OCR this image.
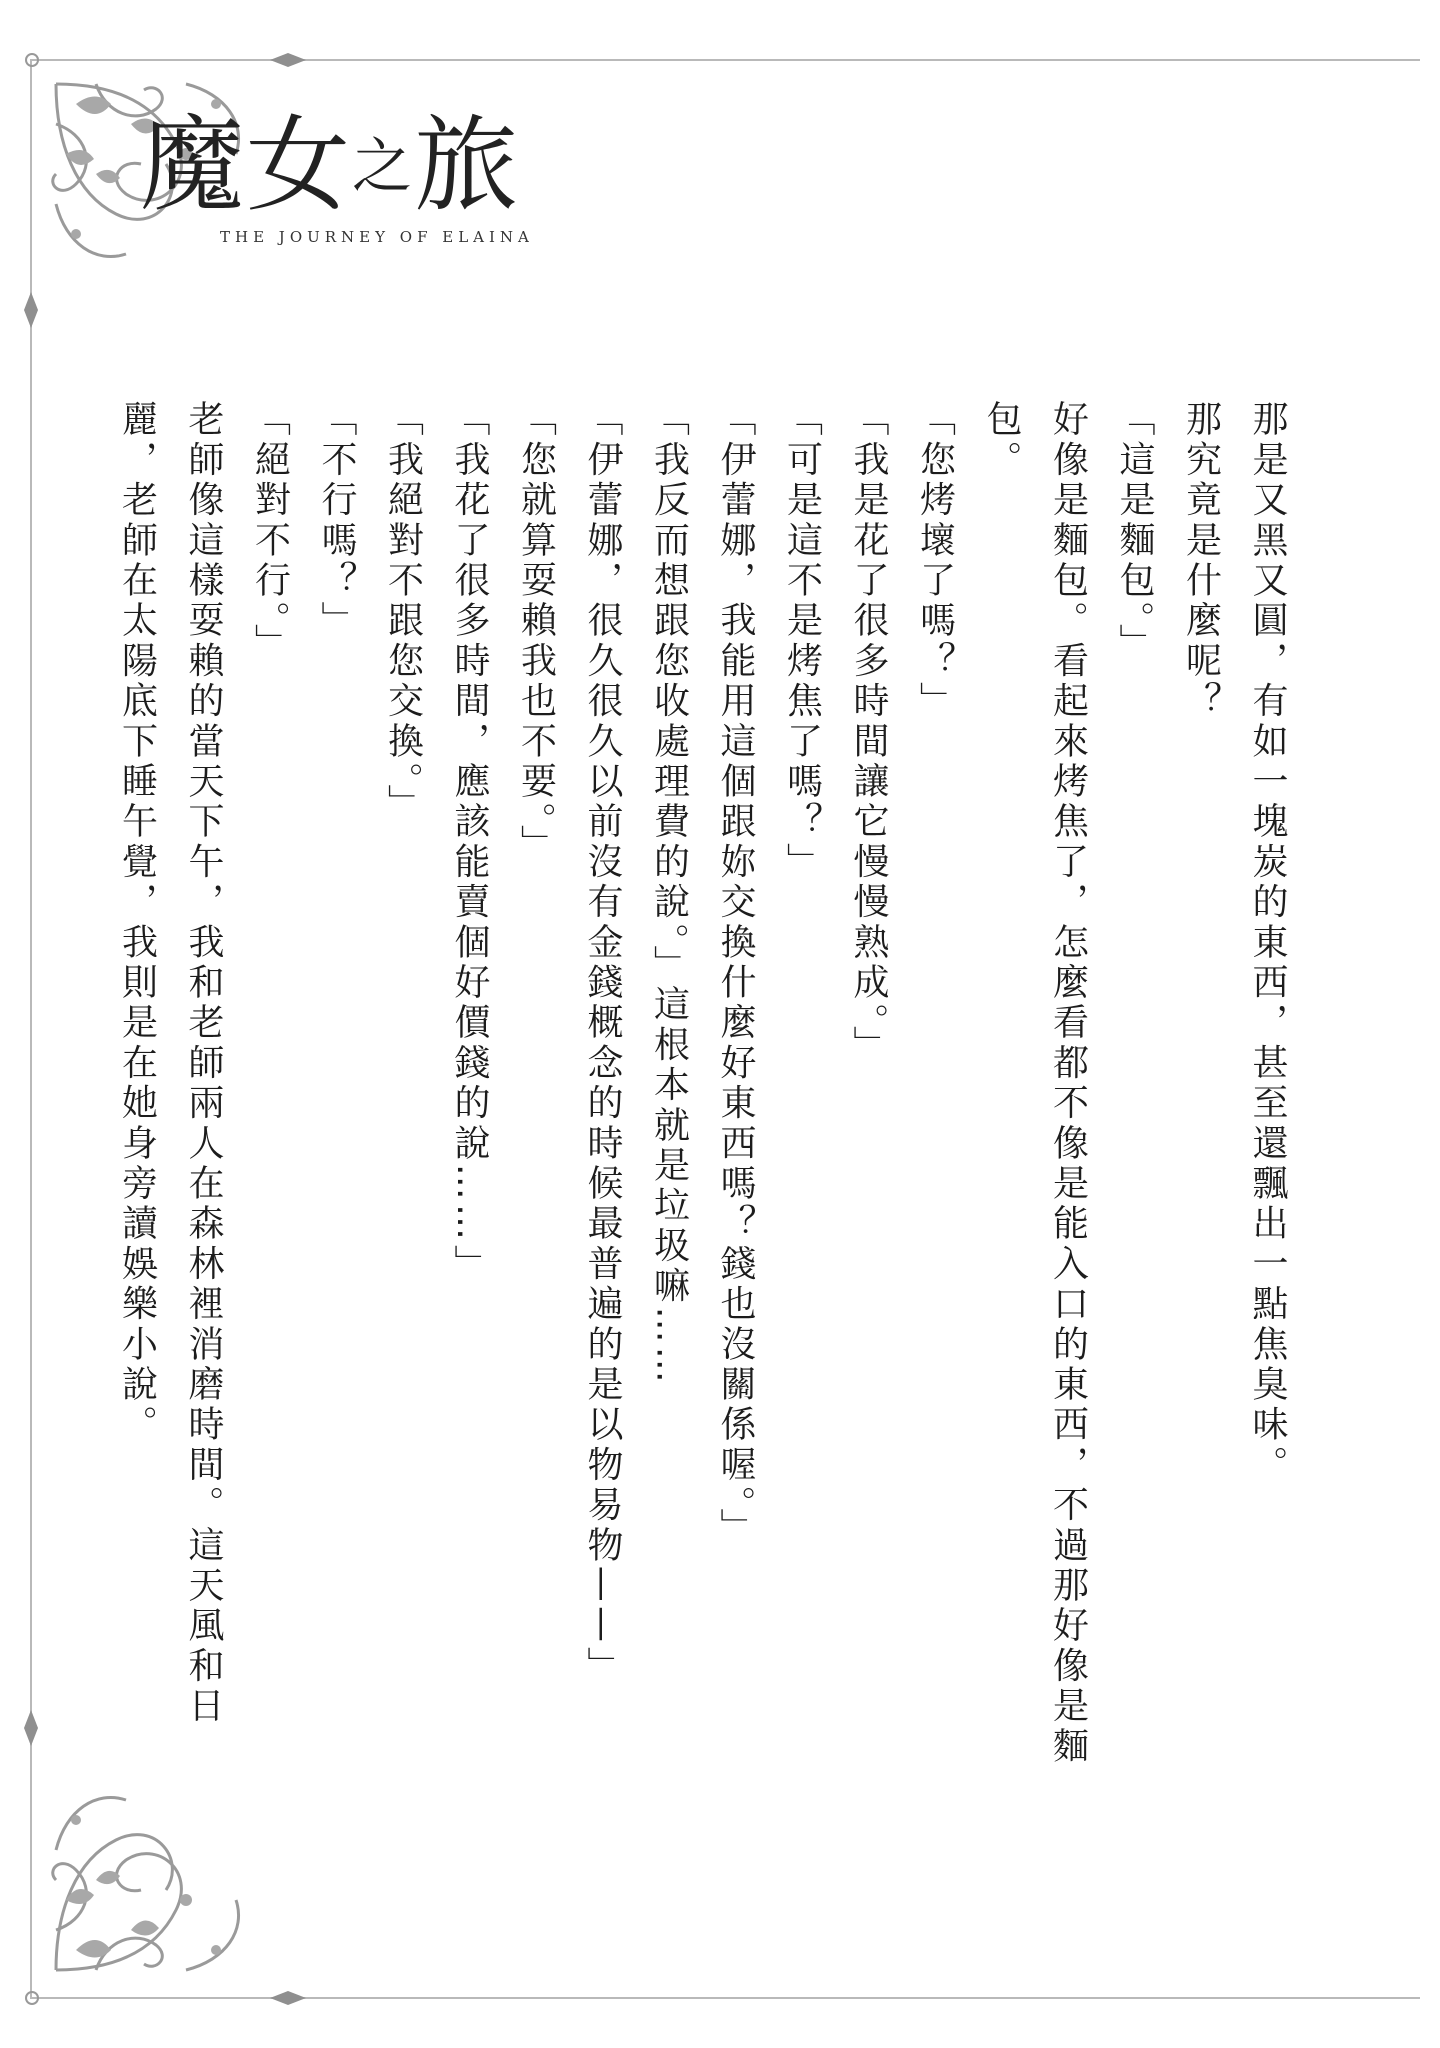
魔女之旅
THE JOURNEY OF ELAINA

那是又黑又圓，有如一塊炭的東西，甚至還飄出一點焦臭味。

那究竟是什麼呢？

「這是麵包。」

好像是麵包。看起來烤焦了，怎麼看都不像是能入口的東西，不過那好像是麵包。

「您烤壞了嗎？」

「我是花了很多時間讓它慢慢熟成。」

「可是這不是烤焦了嗎？」

「伊蕾娜，我能用這個跟妳交換什麼好東西嗎？錢也沒關係喔。」

「我反而想跟您收處理費的說。」這根本就是垃圾嘛……

「伊蕾娜，很久很久以前沒有金錢概念的時候最普遍的是以物易物——」

「您就算耍賴我也不要。」

「我花了很多時間，應該能賣個好價錢的說……」

「我絕對不跟您交換。」

「不行嗎？」

「絕對不行。」

老師像這樣耍賴的當天下午，我和老師兩人在森林裡消磨時間。這天風和日麗，老師在太陽底下睡午覺，我則是在她身旁讀娛樂小說。
